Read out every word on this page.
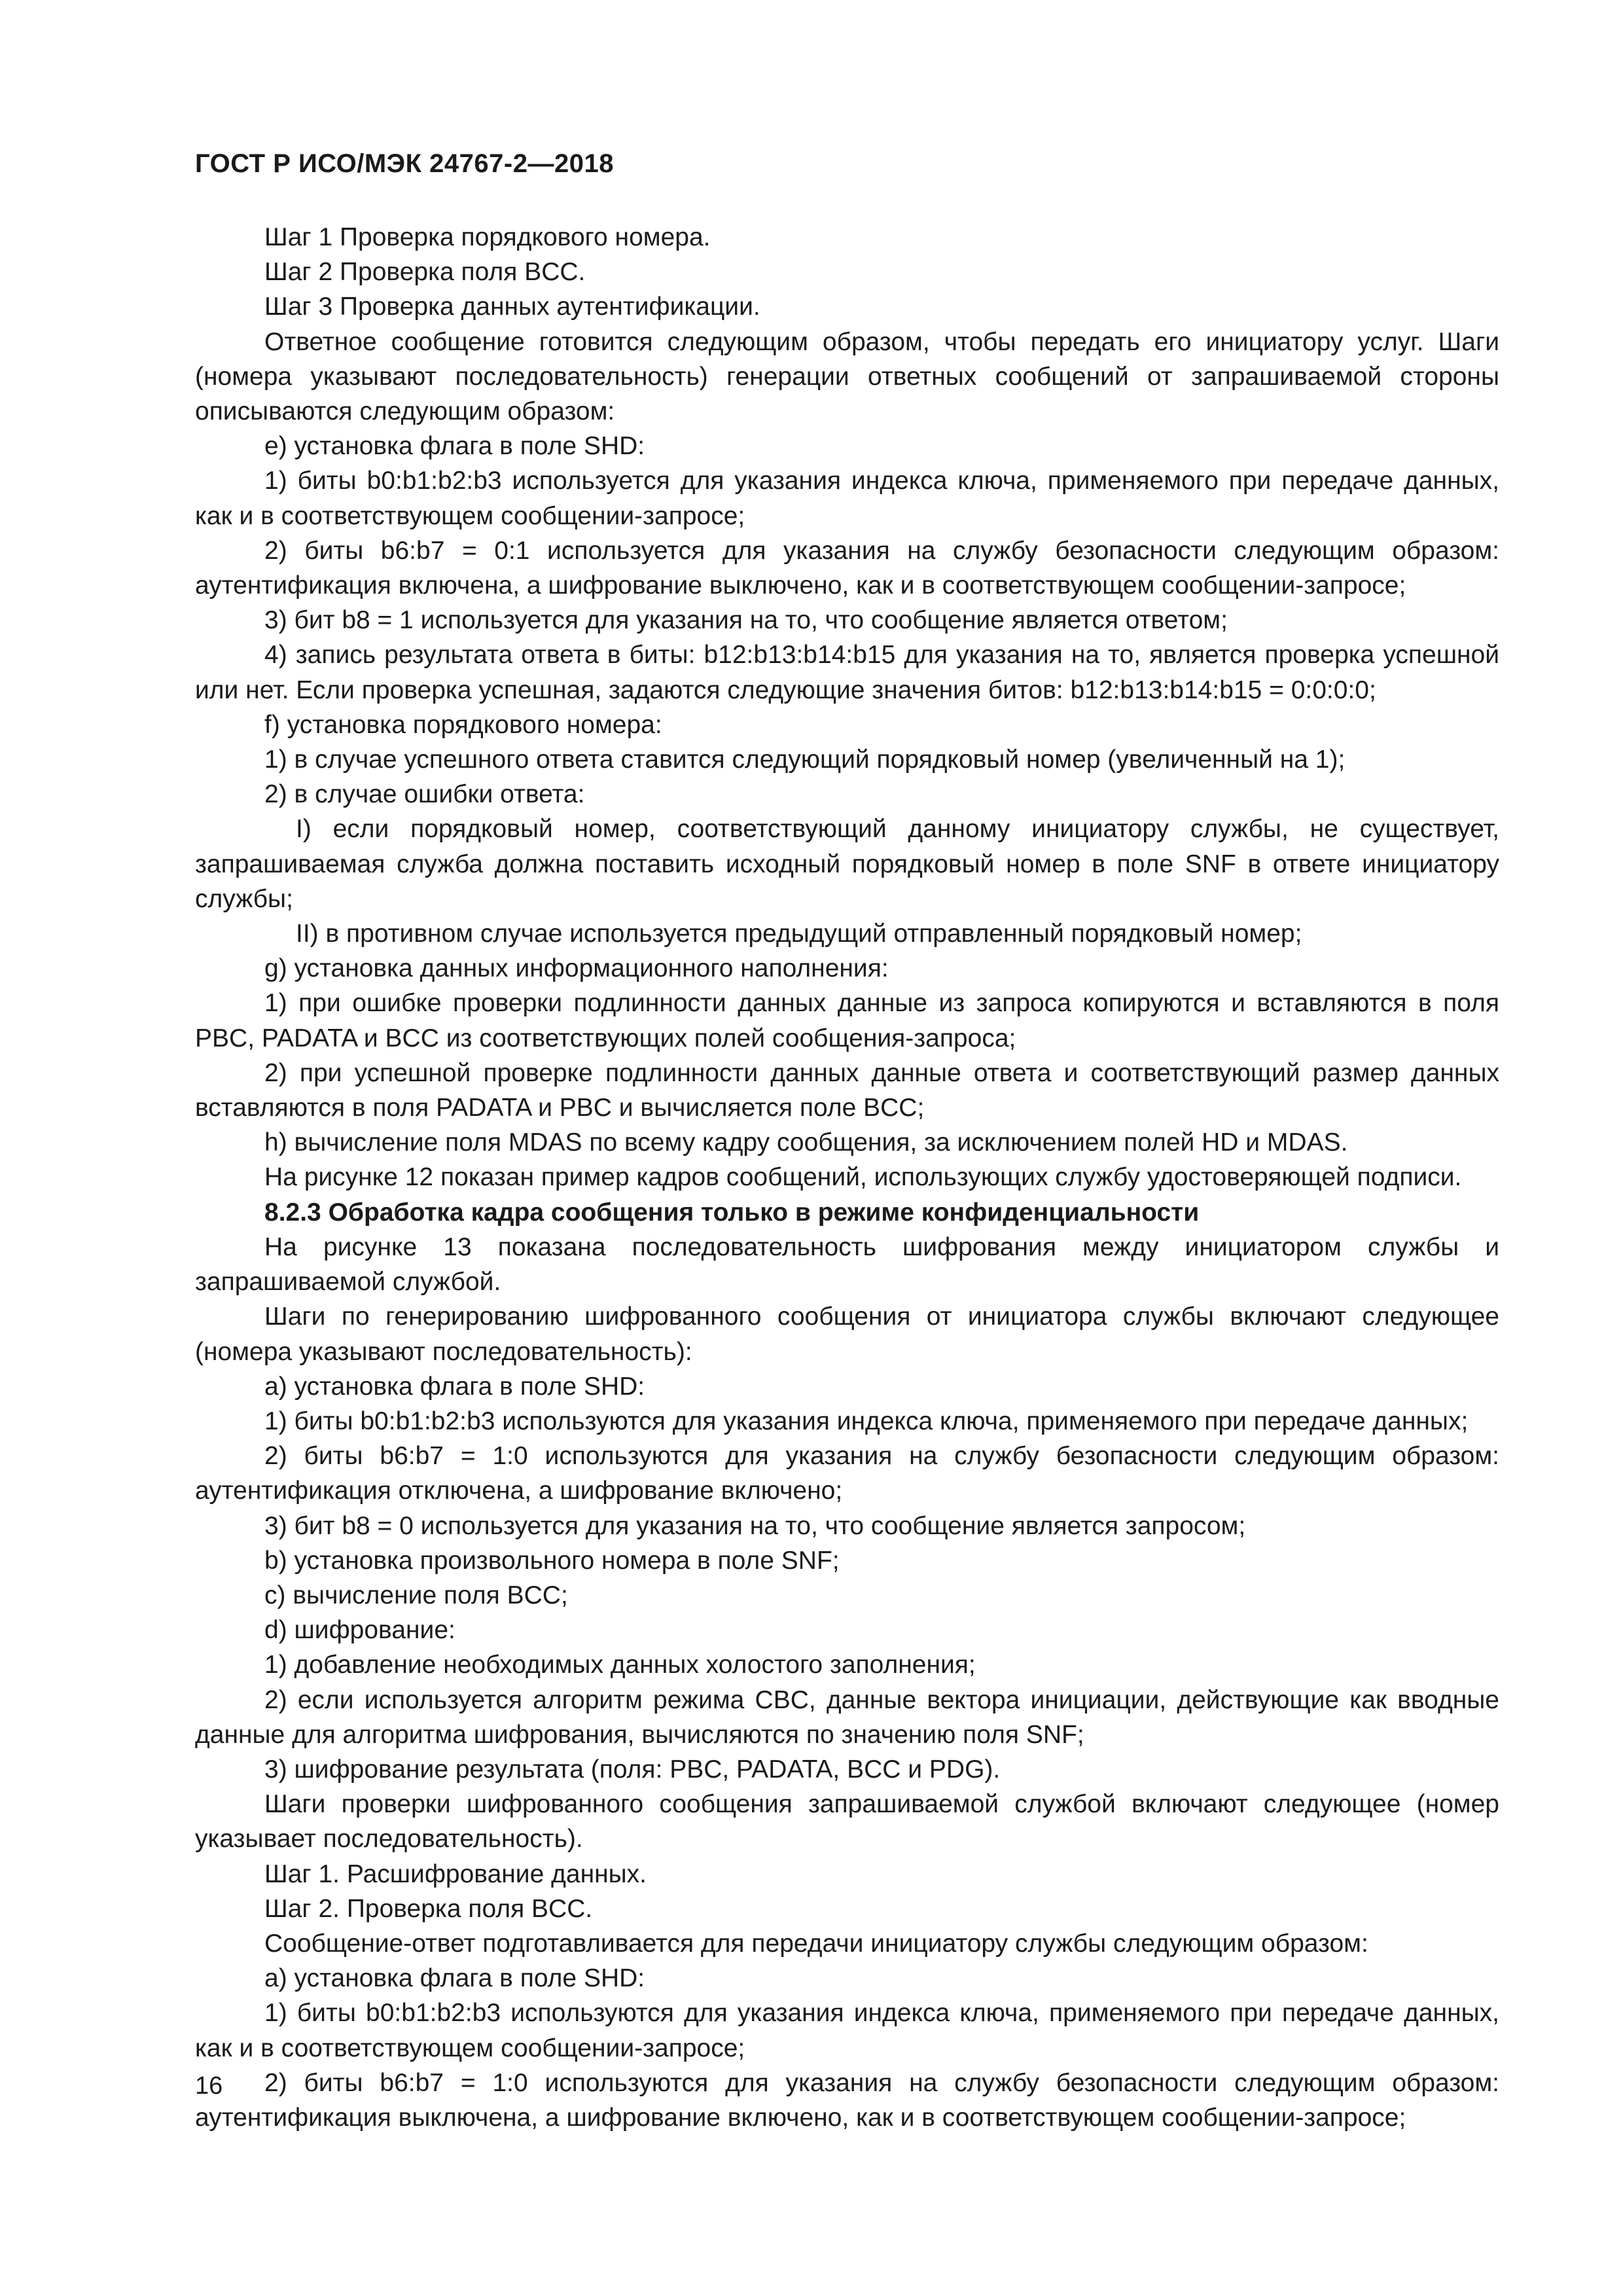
ГОСТ Р ИСО/МЭК 24767-2—2018

Шаг 1 Проверка порядкового номера.

Шаг 2 Проверка поля BCC.

Шаг 3 Проверка данных аутентификации.

Ответное сообщение готовится следующим образом, чтобы передать его инициатору услуг. Шаги (номера указывают последовательность) генерации ответных сообщений от запрашиваемой стороны описываются следующим образом:

e) установка флага в поле SHD:

1) биты b0:b1:b2:b3 используется для указания индекса ключа, применяемого при передаче данных, как и в соответствующем сообщении-запросе;

2) биты b6:b7 = 0:1 используется для указания на службу безопасности следующим образом: аутентификация включена, а шифрование выключено, как и в соответствующем сообщении-запросе;

3) бит b8 = 1 используется для указания на то, что сообщение является ответом;

4) запись результата ответа в биты: b12:b13:b14:b15 для указания на то, является проверка успешной или нет. Если проверка успешная, задаются следующие значения битов: b12:b13:b14:b15 = 0:0:0:0;

f) установка порядкового номера:

1) в случае успешного ответа ставится следующий порядковый номер (увеличенный на 1);

2) в случае ошибки ответа:

I) если порядковый номер, соответствующий данному инициатору службы, не существует, запрашиваемая служба должна поставить исходный порядковый номер в поле SNF в ответе инициатору службы;

II) в противном случае используется предыдущий отправленный порядковый номер;

g) установка данных информационного наполнения:

1) при ошибке проверки подлинности данных данные из запроса копируются и вставляются в поля PBC, PADATA и BCC из соответствующих полей сообщения-запроса;

2) при успешной проверке подлинности данных данные ответа и соответствующий размер данных вставляются в поля PADATA и PBC и вычисляется поле BCC;

h) вычисление поля MDAS по всему кадру сообщения, за исключением полей HD и MDAS.

На рисунке 12 показан пример кадров сообщений, использующих службу удостоверяющей подписи.

8.2.3 Обработка кадра сообщения только в режиме конфиденциальности

На рисунке 13 показана последовательность шифрования между инициатором службы и запрашиваемой службой.

Шаги по генерированию шифрованного сообщения от инициатора службы включают следующее (номера указывают последовательность):

a) установка флага в поле SHD:

1) биты b0:b1:b2:b3 используются для указания индекса ключа, применяемого при передаче данных;

2) биты b6:b7 = 1:0 используются для указания на службу безопасности следующим образом: аутентификация отключена, а шифрование включено;

3) бит b8 = 0 используется для указания на то, что сообщение является запросом;

b) установка произвольного номера в поле SNF;

c) вычисление поля BCC;

d) шифрование:

1) добавление необходимых данных холостого заполнения;

2) если используется алгоритм режима CBC, данные вектора инициации, действующие как вводные данные для алгоритма шифрования, вычисляются по значению поля SNF;

3) шифрование результата (поля: PBC, PADATA, BCC и PDG).

Шаги проверки шифрованного сообщения запрашиваемой службой включают следующее (номер указывает последовательность).

Шаг 1. Расшифрование данных.

Шаг 2. Проверка поля BCC.

Сообщение-ответ подготавливается для передачи инициатору службы следующим образом:

a) установка флага в поле SHD:

1) биты b0:b1:b2:b3 используются для указания индекса ключа, применяемого при передаче данных, как и в соответствующем сообщении-запросе;

2) биты b6:b7 = 1:0 используются для указания на службу безопасности следующим образом: аутентификация выключена, а шифрование включено, как и в соответствующем сообщении-запросе;

16
